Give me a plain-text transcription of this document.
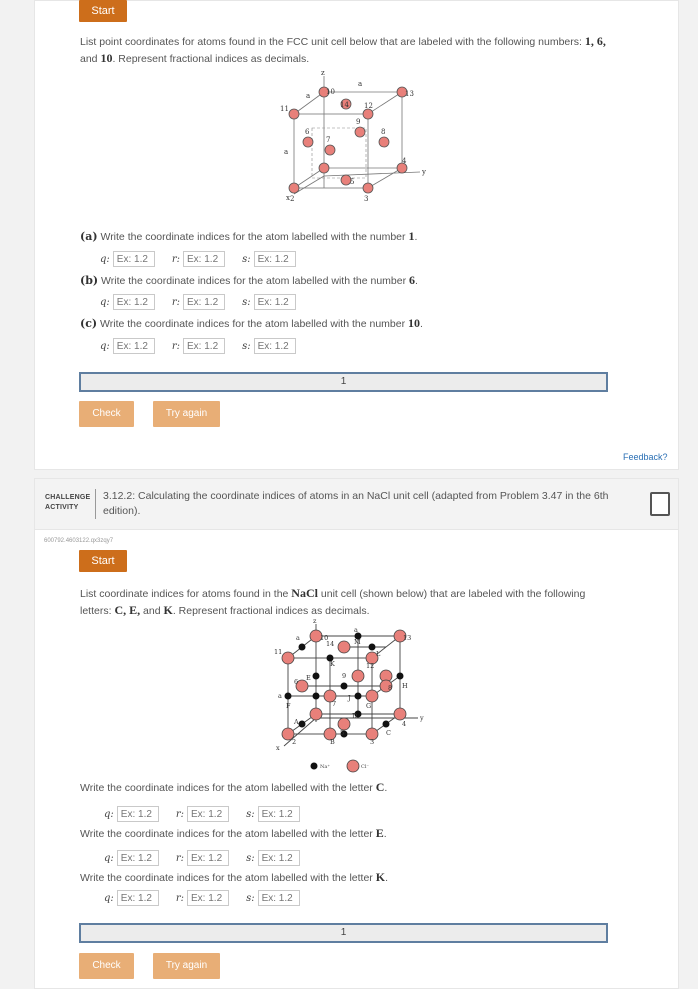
Start
List point coordinates for atoms found in the FCC unit cell below that are labeled with the following numbers: 1, 6,
and 10. Represent fractional indices as decimals.
z
y
x
a
a
a
2	3
4
5
6
7
8
9
10
11	12
13
14
(a) Write the coordinate indices for the atom labelled with the number 1.
q:Ex: 1.2	r:Ex: 1.2	s:Ex: 1.2
(b) Write the coordinate indices for the atom labelled with the number 6.
q:Ex: 1.2	r:Ex: 1.2	s:Ex: 1.2
(c) Write the coordinate indices for the atom labelled with the number 10.
q:Ex: 1.2	r:Ex: 1.2	s:Ex: 1.2
1
Check	Try again
Feedback?
CHALLENGE
ACTIVITY
3.12.2: Calculating the coordinate indices of atoms in an NaCl unit cell (adapted from Problem 3.47 in the 6th edition).
600792.4603122.qx3zqy7
Start
List coordinate indices for atoms found in the NaCl unit cell (shown below) that are labeled with the following letters: C, E, and K. Represent fractional indices as decimals.
z
y
x
a
a
a
2	3
4
5
6
7
8
9
10
11
12
13
14
A
B
C
D
E
F	G
H
J
K
L
M
Na⁺	Cl⁻
Write the coordinate indices for the atom labelled with the letter C.
q:Ex: 1.2	r:Ex: 1.2	s:Ex: 1.2
Write the coordinate indices for the atom labelled with the letter E.
q:Ex: 1.2	r:Ex: 1.2	s:Ex: 1.2
Write the coordinate indices for the atom labelled with the letter K.
q:Ex: 1.2	r:Ex: 1.2	s:Ex: 1.2
1
Check	Try again
